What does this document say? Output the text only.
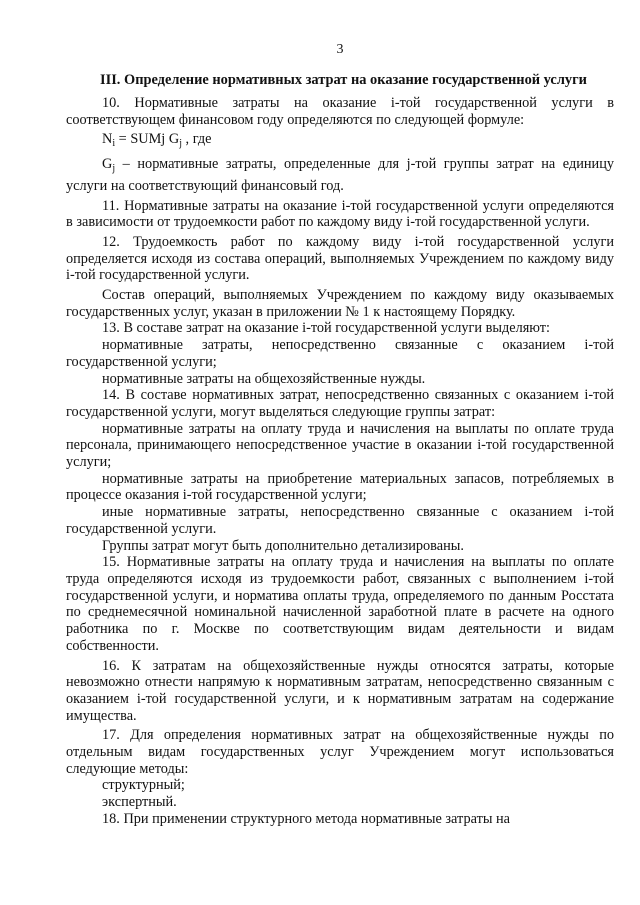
3
III. Определение нормативных затрат на оказание государственной услуги

10. Нормативные затраты на оказание i-той государственной услуги в соответствующем финансовом году определяются по следующей формуле:

$N_i$ = SUMj $G_j$ , где

$G_j$ – нормативные затраты, определенные для j-той группы затрат на единицу услуги на соответствующий финансовый год.

11. Нормативные затраты на оказание i-той государственной услуги определяются в зависимости от трудоемкости работ по каждому виду i-той государственной услуги.

12. Трудоемкость работ по каждому виду i-той государственной услуги определяется исходя из состава операций, выполняемых Учреждением по каждому виду i-той государственной услуги.

Состав операций, выполняемых Учреждением по каждому виду оказываемых государственных услуг, указан в приложении № 1 к настоящему Порядку.

13. В составе затрат на оказание i-той государственной услуги выделяют:

нормативные затраты, непосредственно связанные с оказанием i-той государственной услуги;

нормативные затраты на общехозяйственные нужды.

14. В составе нормативных затрат, непосредственно связанных с оказанием i-той государственной услуги, могут выделяться следующие группы затрат:

нормативные затраты на оплату труда и начисления на выплаты по оплате труда персонала, принимающего непосредственное участие в оказании i-той государственной услуги;

нормативные затраты на приобретение материальных запасов, потребляемых в процессе оказания i-той государственной услуги;

иные нормативные затраты, непосредственно связанные с оказанием i-той государственной услуги.

Группы затрат могут быть дополнительно детализированы.

15. Нормативные затраты на оплату труда и начисления на выплаты по оплате труда определяются исходя из трудоемкости работ, связанных с выполнением i-той государственной услуги, и норматива оплаты труда, определяемого по данным Росстата по среднемесячной номинальной начисленной заработной плате в расчете на одного работника по г. Москве по соответствующим видам деятельности и видам собственности.

16. К затратам на общехозяйственные нужды относятся затраты, которые невозможно отнести напрямую к нормативным затратам, непосредственно связанным с оказанием i-той государственной услуги, и к нормативным затратам на содержание имущества.

17. Для определения нормативных затрат на общехозяйственные нужды по отдельным видам государственных услуг Учреждением могут использоваться следующие методы:

структурный;

экспертный.

18. При применении структурного метода нормативные затраты на
